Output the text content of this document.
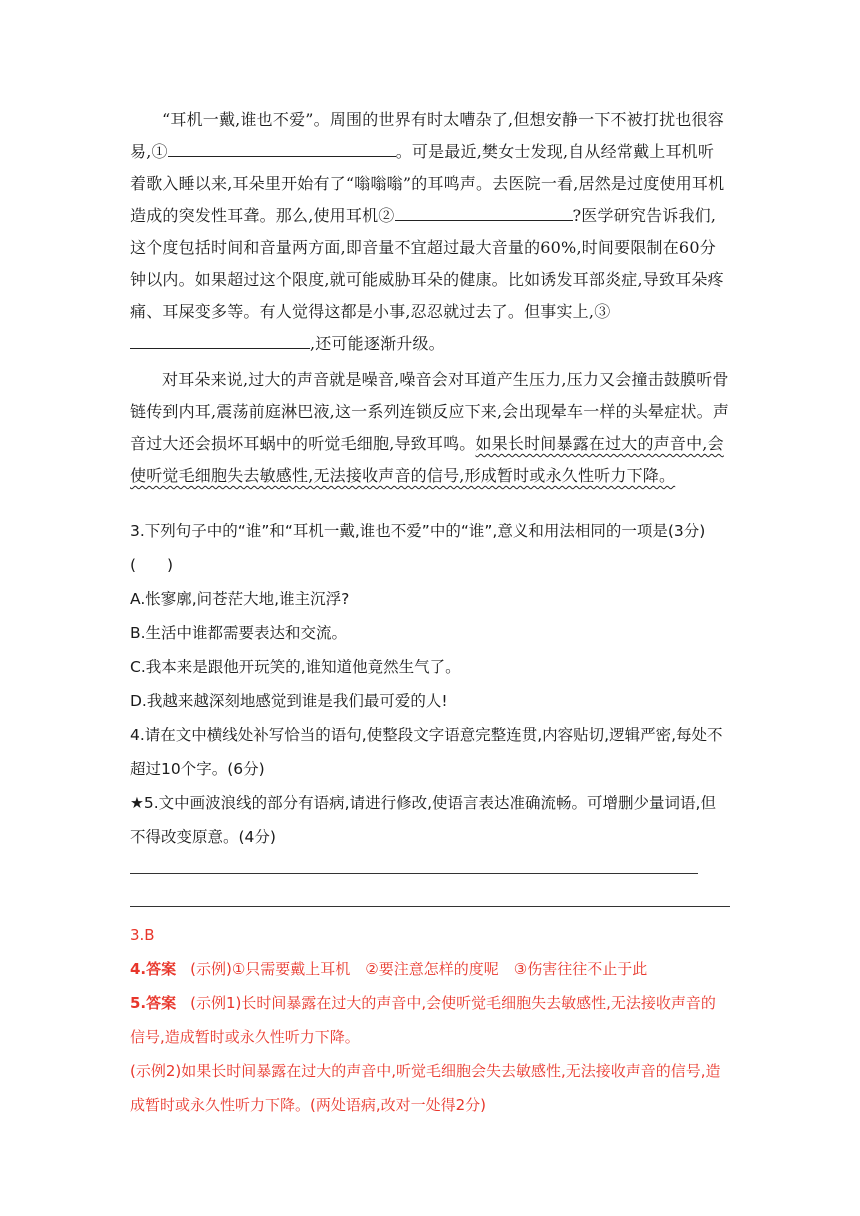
“耳机一戴,谁也不爱”。周围的世界有时太嘈杂了,但想安静一下不被打扰也很容易,①	。可是最近,樊女士发现,自从经常戴上耳机听着歌入睡以来,耳朵里开始有了“嗡嗡嗡”的耳鸣声。去医院一看,居然是过度使用耳机造成的突发性耳聋。那么,使用耳机②	?医学研究告诉我们,这个度包括时间和音量两方面,即音量不宜超过最大音量的60%,时间要限制在60分钟以内。如果超过这个限度,就可能威胁耳朵的健康。比如诱发耳部炎症,导致耳朵疼痛、耳屎变多等。有人觉得这都是小事,忍忍就过去了。但事实上,③,还可能逐渐升级。

对耳朵来说,过大的声音就是噪音,噪音会对耳道产生压力,压力又会撞击鼓膜听骨链传到内耳,震荡前庭淋巴液,这一系列连锁反应下来,会出现晕车一样的头晕症状。声音过大还会损坏耳蜗中的听觉毛细胞,导致耳鸣。如果长时间暴露在过大的声音中,会使听觉毛细胞失去敏感性,无法接收声音的信号,形成暂时或永久性听力下降。

3.下列句子中的“谁”和“耳机一戴,谁也不爱”中的“谁”,意义和用法相同的一项是(3分)(　　)

A.怅寥廓,问苍茫大地,谁主沉浮?

B.生活中谁都需要表达和交流。

C.我本来是跟他开玩笑的,谁知道他竟然生气了。

D.我越来越深刻地感觉到谁是我们最可爱的人!

4.请在文中横线处补写恰当的语句,使整段文字语意完整连贯,内容贴切,逻辑严密,每处不超过10个字。(6分)

★5.文中画波浪线的部分有语病,请进行修改,使语言表达准确流畅。可增删少量词语,但不得改变原意。(4分)

3.B

4.答案 (示例)①只需要戴上耳机　②要注意怎样的度呢　③伤害往往不止于此

5.答案 (示例1)长时间暴露在过大的声音中,会使听觉毛细胞失去敏感性,无法接收声音的信号,造成暂时或永久性听力下降。

(示例2)如果长时间暴露在过大的声音中,听觉毛细胞会失去敏感性,无法接收声音的信号,造成暂时或永久性听力下降。(两处语病,改对一处得2分)
